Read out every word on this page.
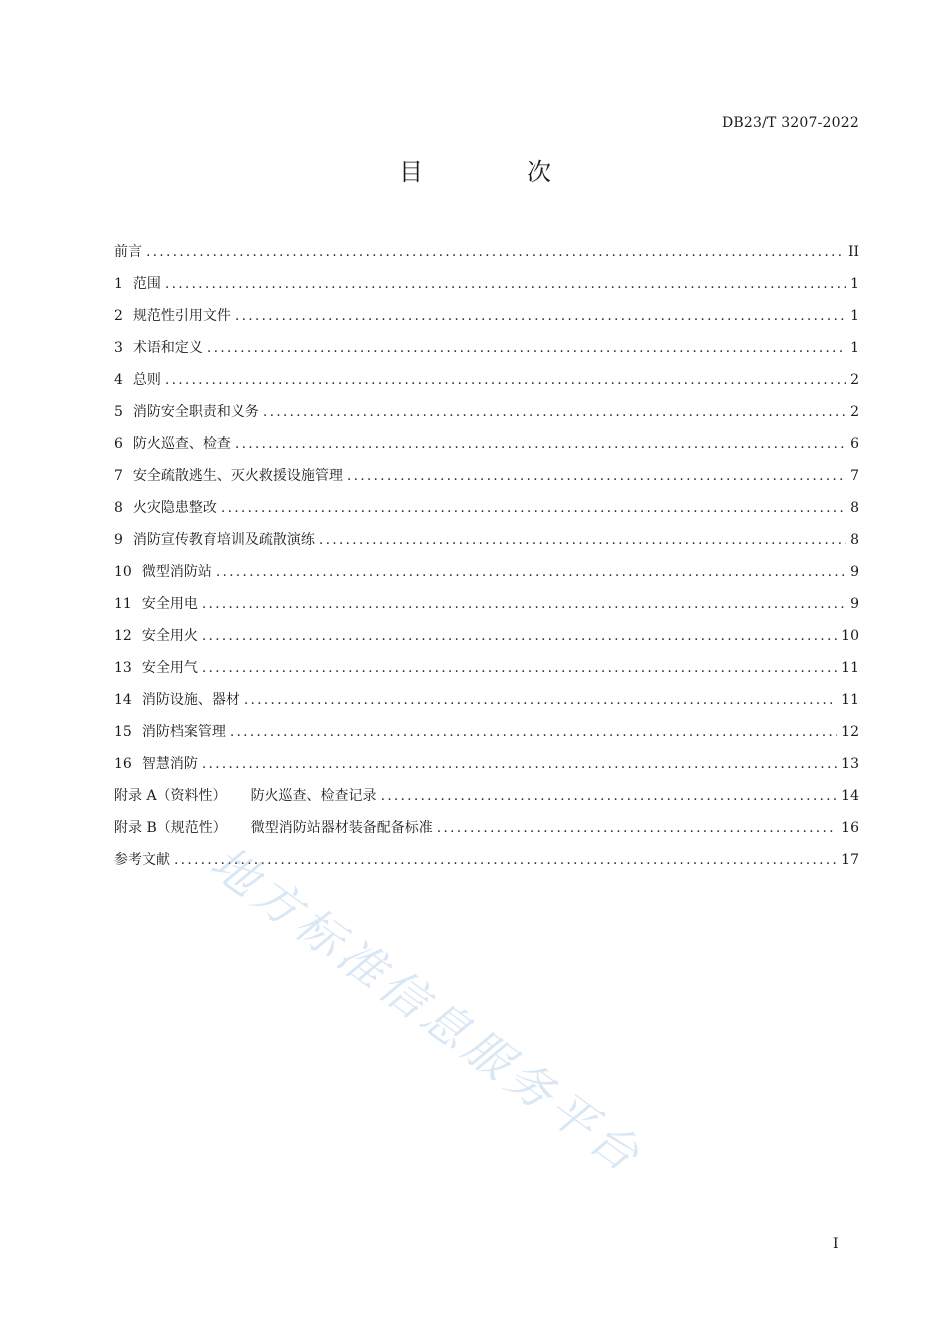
DB23/T 3207-2022
目　次
前言 .....	II
1 范围 .....	1
2 规范性引用文件 .....	1
3 术语和定义 .....	1
4 总则 .....	2
5 消防安全职责和义务 .....	2
6 防火巡查、检查 .....	6
7 安全疏散逃生、灭火救援设施管理 .....	7
8 火灾隐患整改 .....	8
9 消防宣传教育培训及疏散演练 .....	8
10 微型消防站 .....	9
11 安全用电 .....	9
12 安全用火 .....	10
13 安全用气 .....	11
14 消防设施、器材 .....	11
15 消防档案管理 .....	12
16 智慧消防 .....	13
附录 A（资料性） 防火巡查、检查记录 .....	14
附录 B（规范性） 微型消防站器材装备配备标准 .....	16
参考文献 .....	17
地方标准信息服务平台
I
